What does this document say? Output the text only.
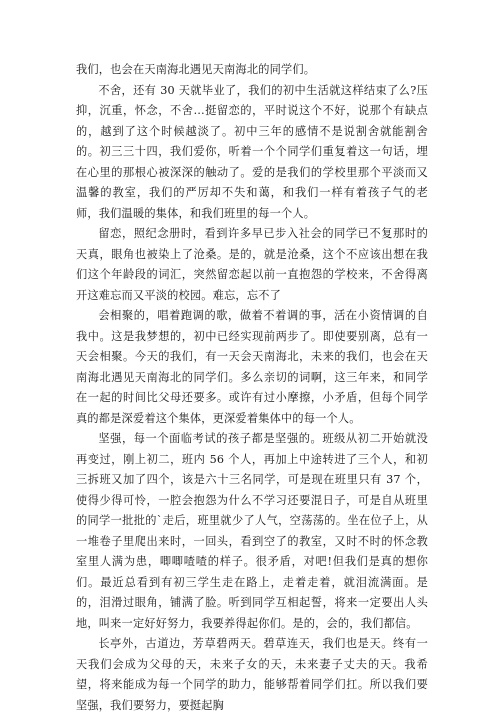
我们，也会在天南海北遇见天南海北的同学们。

不舍，还有 30 天就毕业了，我们的初中生活就这样结束了么?压抑，沉重，怀念，不舍…挺留恋的，平时说这个不好，说那个有缺点的，越到了这个时候越淡了。初中三年的感情不是说割舍就能割舍的。初三三十四，我们爱你，听着一个个同学们重复着这一句话，埋在心里的那根心被深深的触动了。爱的是我们的学校里那个平淡而又温馨的教室，我们的严厉却不失和蔼，和我们一样有着孩子气的老师，我们温暖的集体，和我们班里的每一个人。

留恋，照纪念册时，看到许多早已步入社会的同学已不复那时的天真，眼角也被染上了沧桑。是的，就是沧桑，这个不应该出想在我们这个年龄段的词汇，突然留恋起以前一直抱怨的学校来，不舍得离开这难忘而又平淡的校园。难忘，忘不了

会相聚的，唱着跑调的歌，做着不着调的事，活在小资情调的自我中。这是我梦想的，初中已经实现前两步了。即使要别离，总有一天会相聚。今天的我们，有一天会天南海北，未来的我们，也会在天南海北遇见天南海北的同学们。多么亲切的词啊，这三年来，和同学在一起的时间比父母还要多。或许有过小摩擦，小矛盾，但每个同学真的都是深爱着这个集体，更深爱着集体中的每一个人。

坚强，每一个面临考试的孩子都是坚强的。班级从初二开始就没再变过，刚上初二，班内 56 个人，再加上中途转进了三个人，和初三拆班又加了四个，该是六十三名同学，可是现在班里只有 37 个，使得少得可怜，一腔会抱怨为什么不学习还要混日子，可是自从班里的同学一批批的`走后，班里就少了人气，空荡荡的。坐在位子上，从一堆卷子里爬出来时，一回头，看到空了的教室，又时不时的怀念教室里人满为患，唧唧喳喳的样子。很矛盾，对吧!但我们是真的想你们。最近总看到有初三学生走在路上，走着走着，就泪流满面。是的，泪滑过眼角，铺满了脸。听到同学互相起誓，将来一定要出人头地，叫来一定好好努力，我要养得起你们。是的，会的，我们都信。

长亭外，古道边，芳草碧两天。碧草连天，我们也是天。终有一天我们会成为父母的天，未来子女的天，未来妻子丈夫的天。我希望，将来能成为每一个同学的助力，能够帮着同学们扛。所以我们要坚强，我们要努力，要挺起胸
